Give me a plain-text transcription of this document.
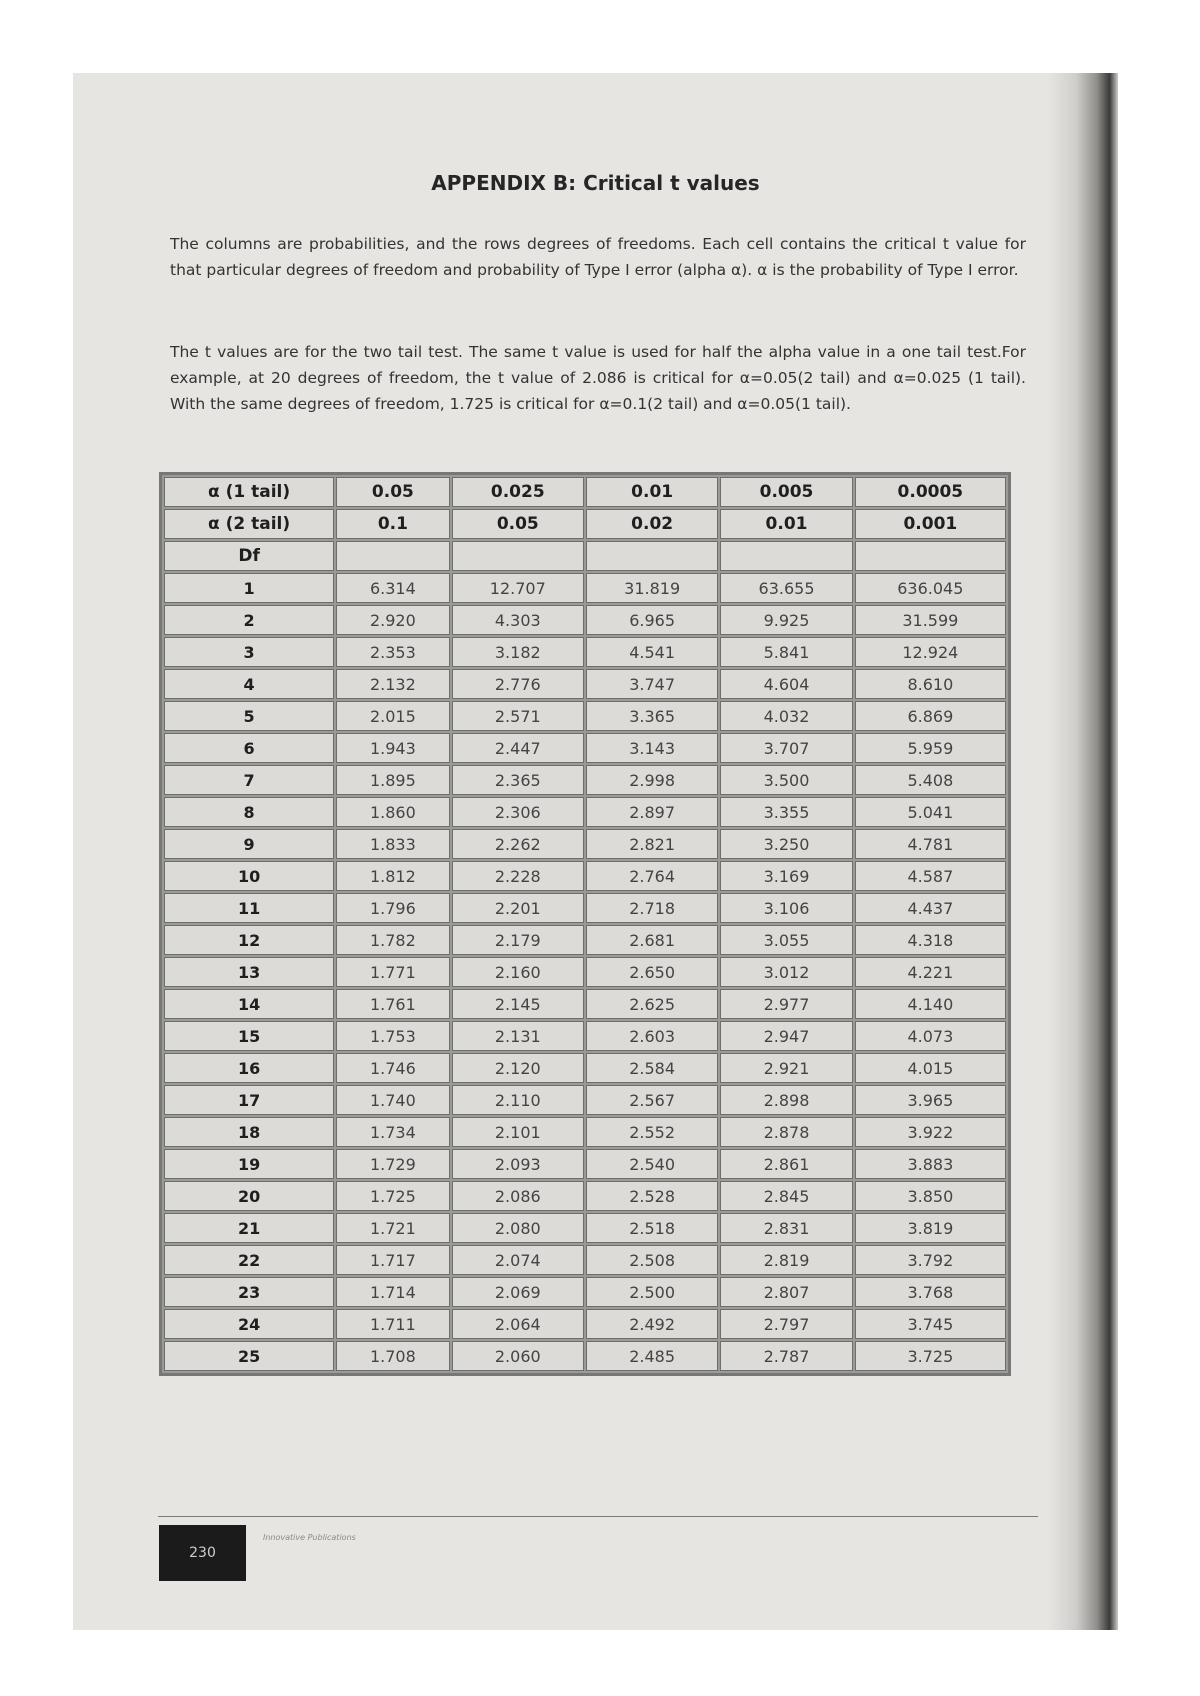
APPENDIX B: Critical t values
The columns are probabilities, and the rows degrees of freedoms. Each cell contains the critical t value for that particular degrees of freedom and probability of Type I error (alpha α). α is the probability of Type I error.
The t values are for the two tail test. The same t value is used for half the alpha value in a one tail test.For example, at 20 degrees of freedom, the t value of 2.086 is critical for α=0.05(2 tail) and α=0.025 (1 tail). With the same degrees of freedom, 1.725 is critical for α=0.1(2 tail) and α=0.05(1 tail).
α (1 tail)	0.05	0.025	0.01	0.005	0.0005
α (2 tail)	0.1	0.05	0.02	0.01	0.001
Df					
1	6.314	12.707	31.819	63.655	636.045
2	2.920	4.303	6.965	9.925	31.599
3	2.353	3.182	4.541	5.841	12.924
4	2.132	2.776	3.747	4.604	8.610
5	2.015	2.571	3.365	4.032	6.869
6	1.943	2.447	3.143	3.707	5.959
7	1.895	2.365	2.998	3.500	5.408
8	1.860	2.306	2.897	3.355	5.041
9	1.833	2.262	2.821	3.250	4.781
10	1.812	2.228	2.764	3.169	4.587
11	1.796	2.201	2.718	3.106	4.437
12	1.782	2.179	2.681	3.055	4.318
13	1.771	2.160	2.650	3.012	4.221
14	1.761	2.145	2.625	2.977	4.140
15	1.753	2.131	2.603	2.947	4.073
16	1.746	2.120	2.584	2.921	4.015
17	1.740	2.110	2.567	2.898	3.965
18	1.734	2.101	2.552	2.878	3.922
19	1.729	2.093	2.540	2.861	3.883
20	1.725	2.086	2.528	2.845	3.850
21	1.721	2.080	2.518	2.831	3.819
22	1.717	2.074	2.508	2.819	3.792
23	1.714	2.069	2.500	2.807	3.768
24	1.711	2.064	2.492	2.797	3.745
25	1.708	2.060	2.485	2.787	3.725
230
Innovative Publications
